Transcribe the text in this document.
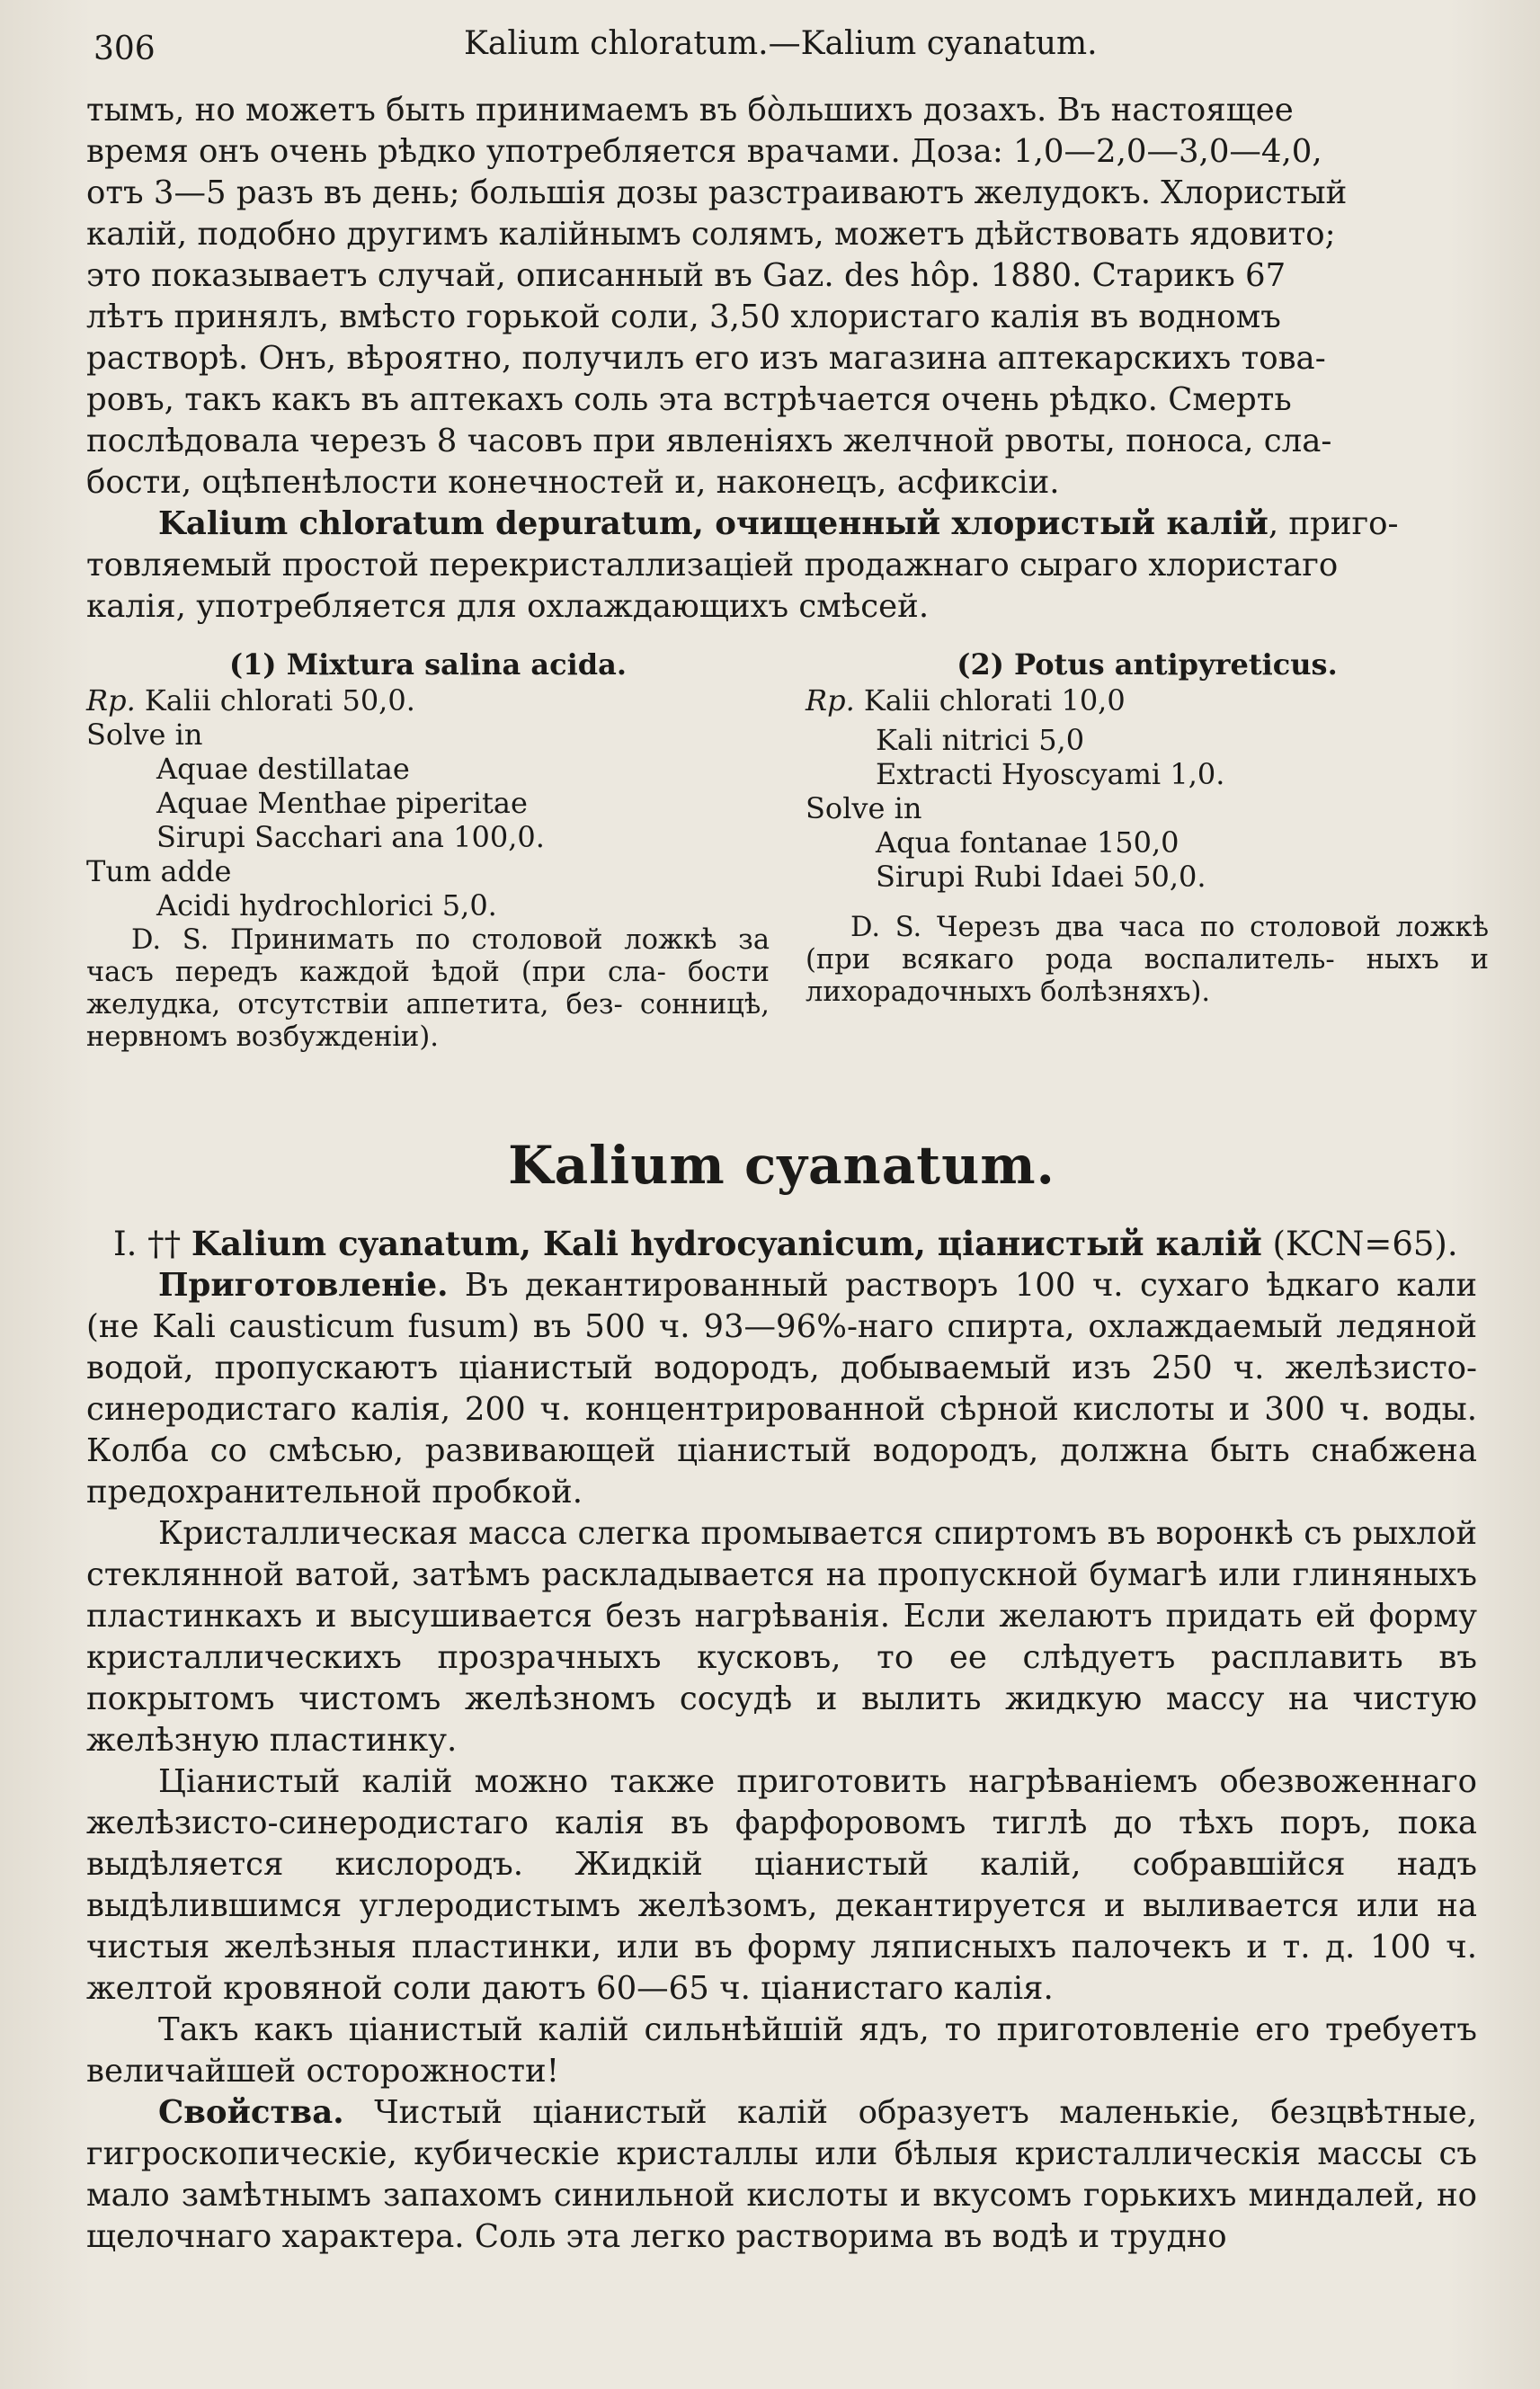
306	Kalium chloratum.—Kalium cyanatum.
тымъ, но можетъ быть принимаемъ въ бо̀льшихъ дозахъ. Въ настоящее
время онъ очень рѣдко употребляется врачами. Доза: 1,0—2,0—3,0—4,0,
отъ 3—5 разъ въ день; большія дозы разстраиваютъ желудокъ. Хлористый
калій, подобно другимъ калійнымъ солямъ, можетъ дѣйствовать ядовито;
это показываетъ случай, описанный въ Gaz. des hôp. 1880. Старикъ 67
лѣтъ принялъ, вмѣсто горькой соли, 3,50 хлористаго калія въ водномъ
растворѣ. Онъ, вѣроятно, получилъ его изъ магазина аптекарскихъ това-
ровъ, такъ какъ въ аптекахъ соль эта встрѣчается очень рѣдко. Смерть
послѣдовала черезъ 8 часовъ при явленіяхъ желчной рвоты, поноса, сла-
бости, оцѣпенѣлости конечностей и, наконецъ, асфиксіи.
Kalium chloratum depuratum, очищенный хлористый калій, приго-
товляемый простой перекристаллизаціей продажнаго сыраго хлористаго
калія, употребляется для охлаждающихъ смѣсей.
(1) Mixtura salina acida.
Rp. Kalii chlorati 50,0.
Solve in
Aquae destillatae
Aquae Menthae piperitae
Sirupi Sacchari ana 100,0.
Tum adde
Acidi hydrochlorici 5,0.
D. S. Принимать по столовой ложкѣ за часъ передъ каждой ѣдой (при сла- бости желудка, отсутствіи аппетита, без- сонницѣ, нервномъ возбужденіи).
(2) Potus antipyreticus.
Rp. Kalii chlorati 10,0
Kali nitrici 5,0
Extracti Hyoscyami 1,0.
Solve in
Aqua fontanae 150,0
Sirupi Rubi Idaei 50,0.
D. S. Черезъ два часа по столовой ложкѣ (при всякаго рода воспалитель- ныхъ и лихорадочныхъ болѣзняхъ).
Kalium cyanatum.

I. †† Kalium cyanatum, Kali hydrocyanicum, ціанистый калій (KCN=65).

Приготовленіе. Въ декантированный растворъ 100 ч. сухаго ѣдкаго кали (не Kali causticum fusum) въ 500 ч. 93—96%-наго спирта, охлаждаемый ледяной водой, пропускаютъ ціанистый водородъ, добываемый изъ 250 ч. желѣзисто-синеродистаго калія, 200 ч. концентрированной сѣрной кислоты и 300 ч. воды. Колба со смѣсью, развивающей ціанистый водородъ, должна быть снабжена предохранительной пробкой.

Кристаллическая масса слегка промывается спиртомъ въ воронкѣ съ рыхлой стеклянной ватой, затѣмъ раскладывается на пропускной бумагѣ или глиняныхъ пластинкахъ и высушивается безъ нагрѣванія. Если желаютъ придать ей форму кристаллическихъ прозрачныхъ кусковъ, то ее слѣдуетъ расплавить въ покрытомъ чистомъ желѣзномъ сосудѣ и вылить жидкую массу на чистую желѣзную пластинку.

Ціанистый калій можно также приготовить нагрѣваніемъ обезвоженнаго желѣзисто-синеродистаго калія въ фарфоровомъ тиглѣ до тѣхъ поръ, пока выдѣляется кислородъ. Жидкій ціанистый калій, собравшійся надъ выдѣлившимся углеродистымъ желѣзомъ, декантируется и выливается или на чистыя желѣзныя пластинки, или въ форму ляписныхъ палочекъ и т. д. 100 ч. желтой кровяной соли даютъ 60—65 ч. ціанистаго калія.

Такъ какъ ціанистый калій сильнѣйшій ядъ, то приготовленіе его требуетъ величайшей осторожности!

Свойства. Чистый ціанистый калій образуетъ маленькіе, безцвѣтные, гигроскопическіе, кубическіе кристаллы или бѣлыя кристаллическія массы съ мало замѣтнымъ запахомъ синильной кислоты и вкусомъ горькихъ миндалей, но щелочнаго характера. Соль эта легко растворима въ водѣ и трудно
